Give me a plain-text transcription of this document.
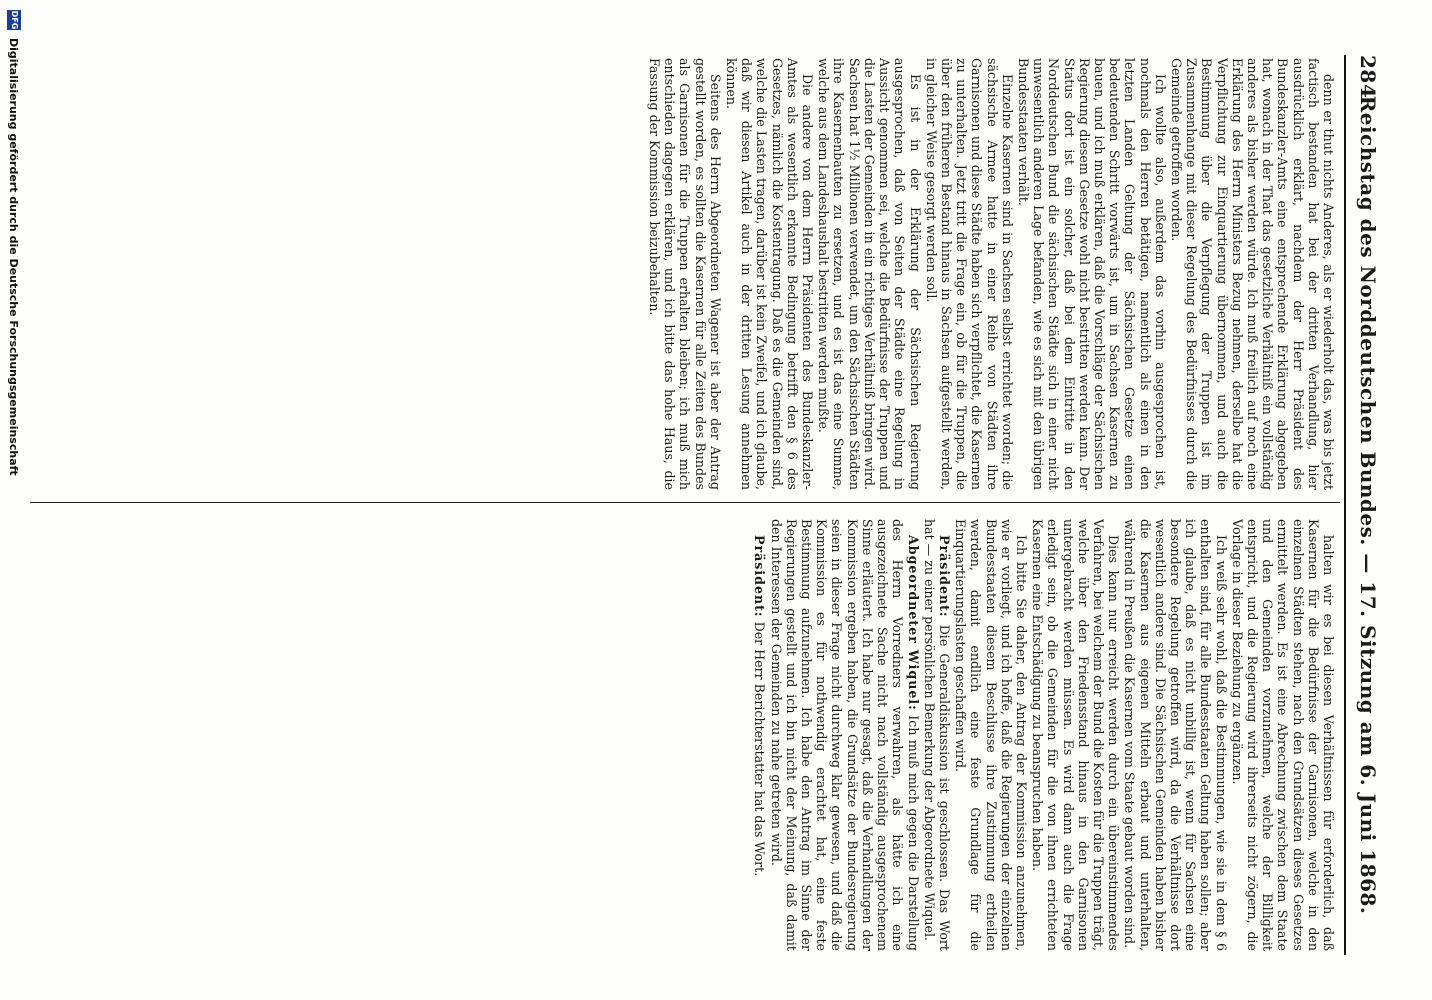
284
Reichstag des Norddeutschen Bundes. — 17. Sitzung am 6. Juni 1868.

denn er thut nichts Anderes, als er wiederholt das, was bis jetzt factisch bestanden hat bei der dritten Verhandlung, hier ausdrücklich erklärt, nachdem der Herr Präsident des Bundeskanzler-Amts eine entsprechende Erklärung abgegeben hat, wonach in der That das gesetzliche Verhältniß ein vollständig anderes als bisher werden würde. Ich muß freilich auf noch eine Erklärung des Herrn Ministers Bezug nehmen, derselbe hat die Verpflichtung zur Einquartierung übernommen, und auch die Bestimmung über die Verpflegung der Truppen ist im Zusammenhange mit dieser Regelung des Bedürfnisses durch die Gemeinde getroffen worden.

Ich wollte also, außerdem das vorhin ausgesprochen ist, nochmals den Herren betätigen, namentlich als einen in den letzten Landen Geltung der Sächsischen Gesetze einen bedeutenden Schritt vorwärts ist, um in Sachsen Kasernen zu bauen, und ich muß erklären, daß die Vorschläge der Sächsischen Regierung diesem Gesetze wohl nicht bestritten werden kann. Der Status dort ist ein solcher, daß bei dem Eintritte in den Norddeutschen Bund die sächsischen Städte sich in einer nicht unwesentlich anderen Lage befanden, wie es sich mit den übrigen Bundesstaaten verhält.

Einzelne Kasernen sind in Sachsen selbst errichtet worden; die sächsische Armee hatte in einer Reihe von Städten ihre Garnisonen und diese Städte haben sich verpflichtet, die Kasernen zu unterhalten. Jetzt tritt die Frage ein, ob für die Truppen, die über den früheren Bestand hinaus in Sachsen aufgestellt werden, in gleicher Weise gesorgt werden soll.

Es ist in der Erklärung der Sächsischen Regierung ausgesprochen, daß von Seiten der Städte eine Regelung in Aussicht genommen sei, welche die Bedürfnisse der Truppen und die Lasten der Gemeinden in ein richtiges Verhältniß bringen wird. Sachsen hat 1½ Millionen verwendet, um den Sächsischen Städten ihre Kasernenbauten zu ersetzen, und es ist das eine Summe, welche aus dem Landeshaushalt bestritten werden mußte.

Die andere von dem Herrn Präsidenten des Bundeskanzler-Amtes als wesentlich erkannte Bedingung betrifft den § 6 des Gesetzes, nämlich die Kostentragung. Daß es die Gemeinden sind, welche die Lasten tragen, darüber ist kein Zweifel, und ich glaube, daß wir diesen Artikel auch in der dritten Lesung annehmen können.

Seitens des Herrn Abgeordneten Wagener ist aber der Antrag gestellt worden, es sollten die Kasernen für alle Zeiten des Bundes als Garnisonen für die Truppen erhalten bleiben; ich muß mich entschieden dagegen erklären, und ich bitte das hohe Haus, die Fassung der Kommission beizubehalten.

halten wir es bei diesen Verhältnissen für erforderlich, daß Kasernen für die Bedürfnisse der Garnisonen, welche in den einzelnen Städten stehen, nach den Grundsätzen dieses Gesetzes ermittelt werden. Es ist eine Abrechnung zwischen dem Staate und den Gemeinden vorzunehmen, welche der Billigkeit entspricht, und die Regierung wird ihrerseits nicht zögern, die Vorlage in dieser Beziehung zu ergänzen.

Ich weiß sehr wohl, daß die Bestimmungen, wie sie in dem § 6 enthalten sind, für alle Bundesstaaten Geltung haben sollen; aber ich glaube, daß es nicht unbillig ist, wenn für Sachsen eine besondere Regelung getroffen wird, da die Verhältnisse dort wesentlich andere sind. Die Sächsischen Gemeinden haben bisher die Kasernen aus eigenen Mitteln erbaut und unterhalten, während in Preußen die Kasernen vom Staate gebaut worden sind.

Dies kann nur erreicht werden durch ein übereinstimmendes Verfahren, bei welchem der Bund die Kosten für die Truppen trägt, welche über den Friedensstand hinaus in den Garnisonen untergebracht werden müssen. Es wird dann auch die Frage erledigt sein, ob die Gemeinden für die von ihnen errichteten Kasernen eine Entschädigung zu beanspruchen haben.

Ich bitte Sie daher, den Antrag der Kommission anzunehmen, wie er vorliegt, und ich hoffe, daß die Regierungen der einzelnen Bundesstaaten diesem Beschlusse ihre Zustimmung ertheilen werden, damit endlich eine feste Grundlage für die Einquartierungslasten geschaffen wird.

Präsident: Die Generaldiskussion ist geschlossen. Das Wort hat — zu einer persönlichen Bemerkung der Abgeordnete Wiquel.

Abgeordneter Wiquel: Ich muß mich gegen die Darstellung des Herrn Vorredners verwahren, als hätte ich eine ausgezeichnete Sache nicht nach vollständig ausgesprochenem Sinne erläutert. Ich habe nur gesagt, daß die Verhandlungen der Kommission ergeben haben, die Grundsätze der Bundesregierung seien in dieser Frage nicht durchweg klar gewesen, und daß die Kommission es für nothwendig erachtet hat, eine feste Bestimmung aufzunehmen. Ich habe den Antrag im Sinne der Regierungen gestellt und ich bin nicht der Meinung, daß damit den Interessen der Gemeinden zu nahe getreten wird.

Präsident: Der Herr Berichterstatter hat das Wort.

DFG
Digitalisierung gefördert durch die Deutsche Forschungsgemeinschaft
